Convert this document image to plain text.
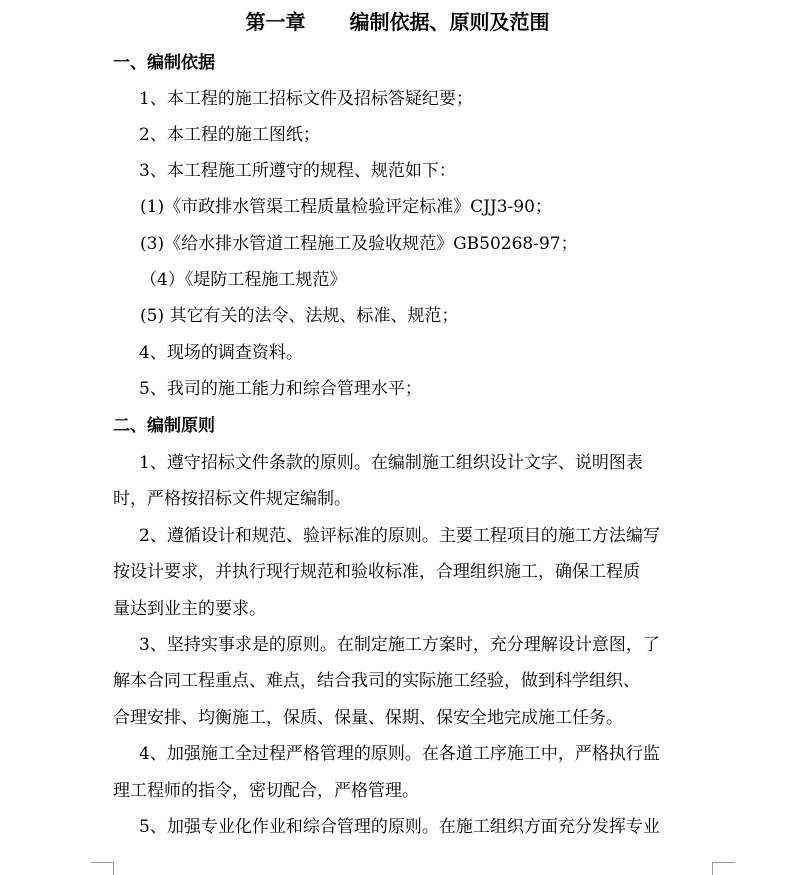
第一章 编制依据、原则及范围
一、编制依据
1、本工程的施工招标文件及招标答疑纪要；
2、本工程的施工图纸；
3、本工程施工所遵守的规程、规范如下：
(1)《市政排水管渠工程质量检验评定标准》CJJ3-90；
(3)《给水排水管道工程施工及验收规范》GB50268-97；
（4）《堤防工程施工规范》
(5) 其它有关的法令、法规、标准、规范；
4、现场的调查资料。
5、我司的施工能力和综合管理水平；
二、编制原则
1、遵守招标文件条款的原则。在编制施工组织设计文字、说明图表
时，严格按招标文件规定编制。
2、遵循设计和规范、验评标准的原则。主要工程项目的施工方法编写
按设计要求，并执行现行规范和验收标准，合理组织施工，确保工程质
量达到业主的要求。
3、坚持实事求是的原则。在制定施工方案时，充分理解设计意图，了
解本合同工程重点、难点，结合我司的实际施工经验，做到科学组织、
合理安排、均衡施工，保质、保量、保期、保安全地完成施工任务。
4、加强施工全过程严格管理的原则。在各道工序施工中，严格执行监
理工程师的指令，密切配合，严格管理。
5、加强专业化作业和综合管理的原则。在施工组织方面充分发挥专业
